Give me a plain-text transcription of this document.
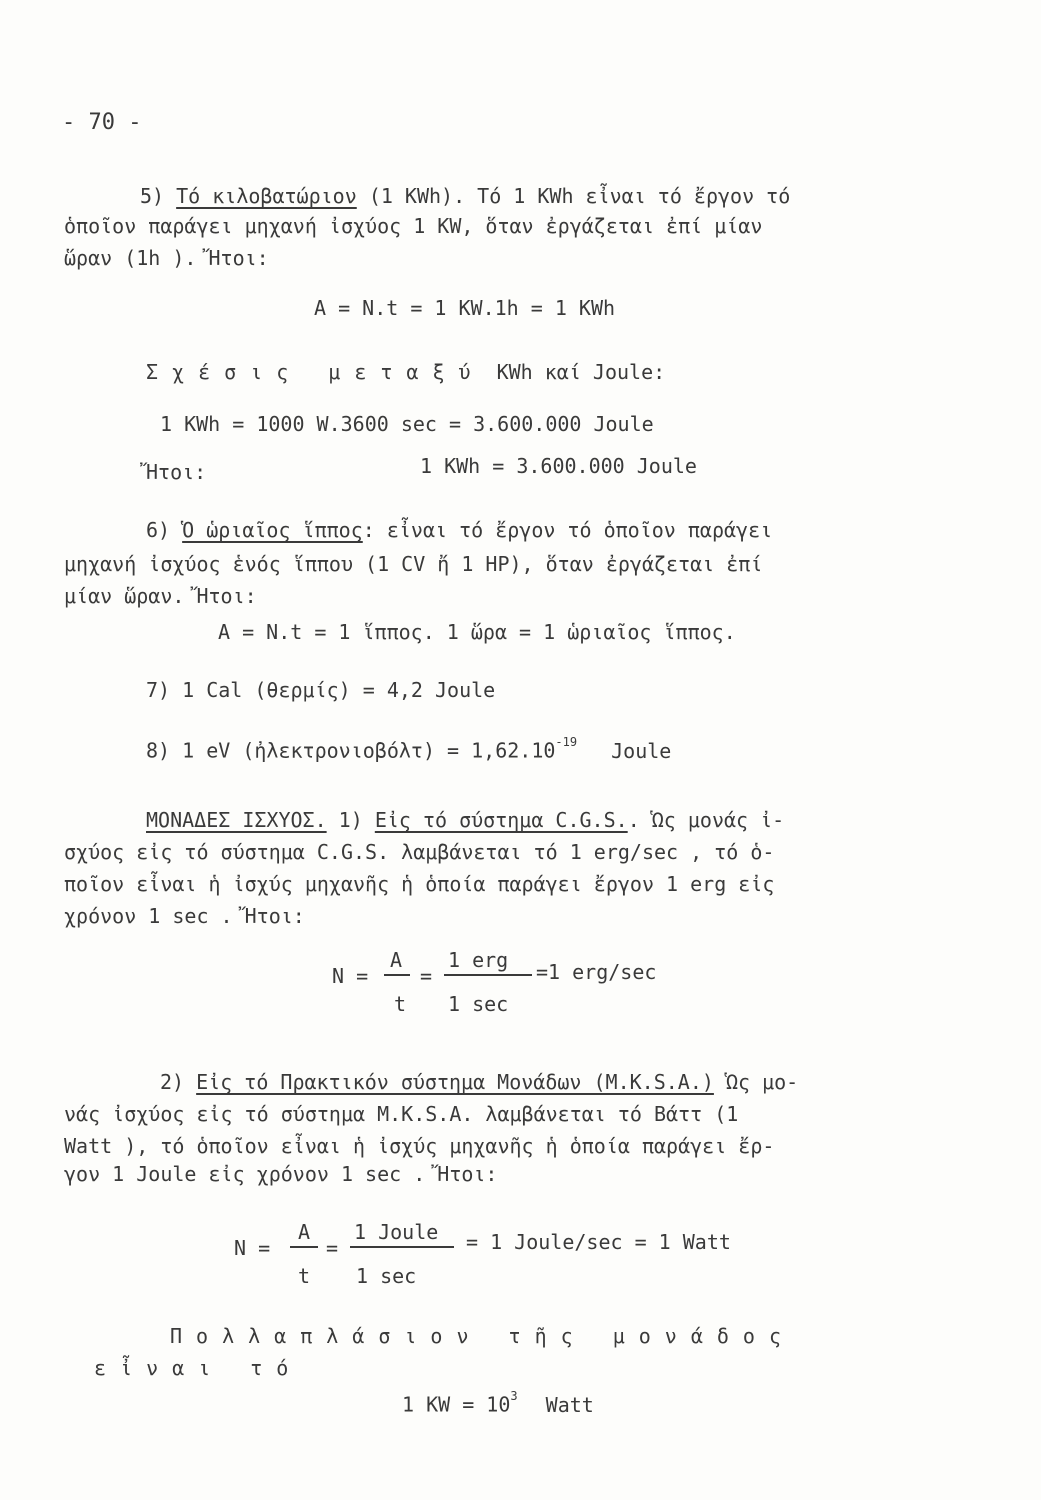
- 70 -
5) Τό κιλοβατώριον (1 KWh). Τό 1 KWh εἶναι τό ἔργον τό
ὁποῖον παράγει μηχανή ἰσχύος 1 KW, ὅταν ἐργάζεται ἐπί μίαν
ὥραν (1h ). Ἤτοι:
A = N.t = 1 KW.1h = 1 KWh
Σχέσις μεταξύ KWh καί Joule:
1 KWh = 1000 W.3600 sec = 3.600.000 Joule
Ἤτοι:	1 KWh = 3.600.000 Joule
6) Ὁ ὡριαῖος ἵππος: εἶναι τό ἔργον τό ὁποῖον παράγει
μηχανή ἰσχύος ἑνός ἵππου (1 CV ἤ 1 HP), ὅταν ἐργάζεται ἐπί
μίαν ὥραν. Ἤτοι:
A = N.t = 1 ἵππος. 1 ὥρα = 1 ὡριαῖος ἵππος.
7) 1 Cal (θερμίς) = 4,2 Joule
8) 1 eV (ἠλεκτρονιοβόλτ) = $1,62.10^{-19}$ Joule
ΜΟΝΑΔΕΣ ΙΣΧΥΟΣ. 1) Εἰς τό σύστημα C.G.S.. Ὡς μονάς ἰ-
σχύος εἰς τό σύστημα C.G.S. λαμβάνεται τό 1 erg/sec , τό ὁ-
ποῖον εἶναι ἡ ἰσχύς μηχανῆς ἡ ὁποία παράγει ἔργον 1 erg εἰς
χρόνον 1 sec . Ἤτοι:
N =
A
t
=
1 erg
1 sec
=1 erg/sec
2) Εἰς τό Πρακτικόν σύστημα Μονάδων (M.K.S.A.) Ὡς μο-
νάς ἰσχύος εἰς τό σύστημα M.K.S.A. λαμβάνεται τό Βάττ (1
Watt ), τό ὁποῖον εἶναι ἡ ἰσχύς μηχανῆς ἡ ὁποία παράγει ἔρ-
γον 1 Joule εἰς χρόνον 1 sec . Ἤτοι:
N =
A
t
=
1 Joule
1 sec
= 1 Joule/sec = 1 Watt
Πολλαπλάσιον τῆς μονάδος
εἶναι τό
1 KW = $10^3$ Watt
